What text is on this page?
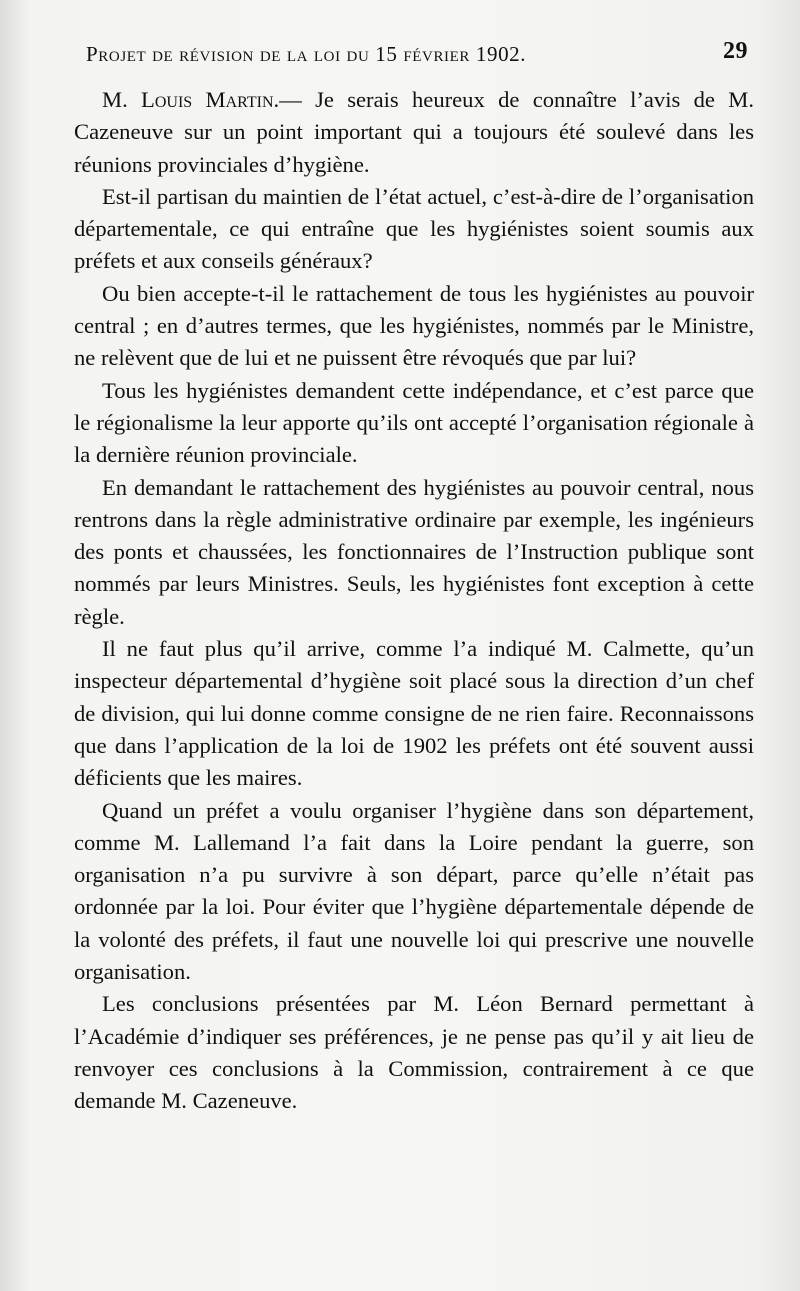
Projet de révision de la loi du 15 février 1902.	29

M. Louis Martin.— Je serais heureux de connaître l’avis de M. Cazeneuve sur un point important qui a toujours été soulevé dans les réunions provinciales d’hygiène.

Est-il partisan du maintien de l’état actuel, c’est-à-dire de l’organisation départementale, ce qui entraîne que les hygiénistes soient soumis aux préfets et aux conseils généraux?

Ou bien accepte-t-il le rattachement de tous les hygiénistes au pouvoir central ; en d’autres termes, que les hygiénistes, nommés par le Ministre, ne relèvent que de lui et ne puissent être révoqués que par lui?

Tous les hygiénistes demandent cette indépendance, et c’est parce que le régionalisme la leur apporte qu’ils ont accepté l’organisation régionale à la dernière réunion provinciale.

En demandant le rattachement des hygiénistes au pouvoir central, nous rentrons dans la règle administrative ordinaire par exemple, les ingénieurs des ponts et chaussées, les fonctionnaires de l’Instruction publique sont nommés par leurs Ministres. Seuls, les hygiénistes font exception à cette règle.

Il ne faut plus qu’il arrive, comme l’a indiqué M. Calmette, qu’un inspecteur départemental d’hygiène soit placé sous la direction d’un chef de division, qui lui donne comme consigne de ne rien faire. Reconnaissons que dans l’application de la loi de 1902 les préfets ont été souvent aussi déficients que les maires.

Quand un préfet a voulu organiser l’hygiène dans son département, comme M. Lallemand l’a fait dans la Loire pendant la guerre, son organisation n’a pu survivre à son départ, parce qu’elle n’était pas ordonnée par la loi. Pour éviter que l’hygiène départementale dépende de la volonté des préfets, il faut une nouvelle loi qui prescrive une nouvelle organisation.

Les conclusions présentées par M. Léon Bernard permettant à l’Académie d’indiquer ses préférences, je ne pense pas qu’il y ait lieu de renvoyer ces conclusions à la Commission, contrairement à ce que demande M. Cazeneuve.
